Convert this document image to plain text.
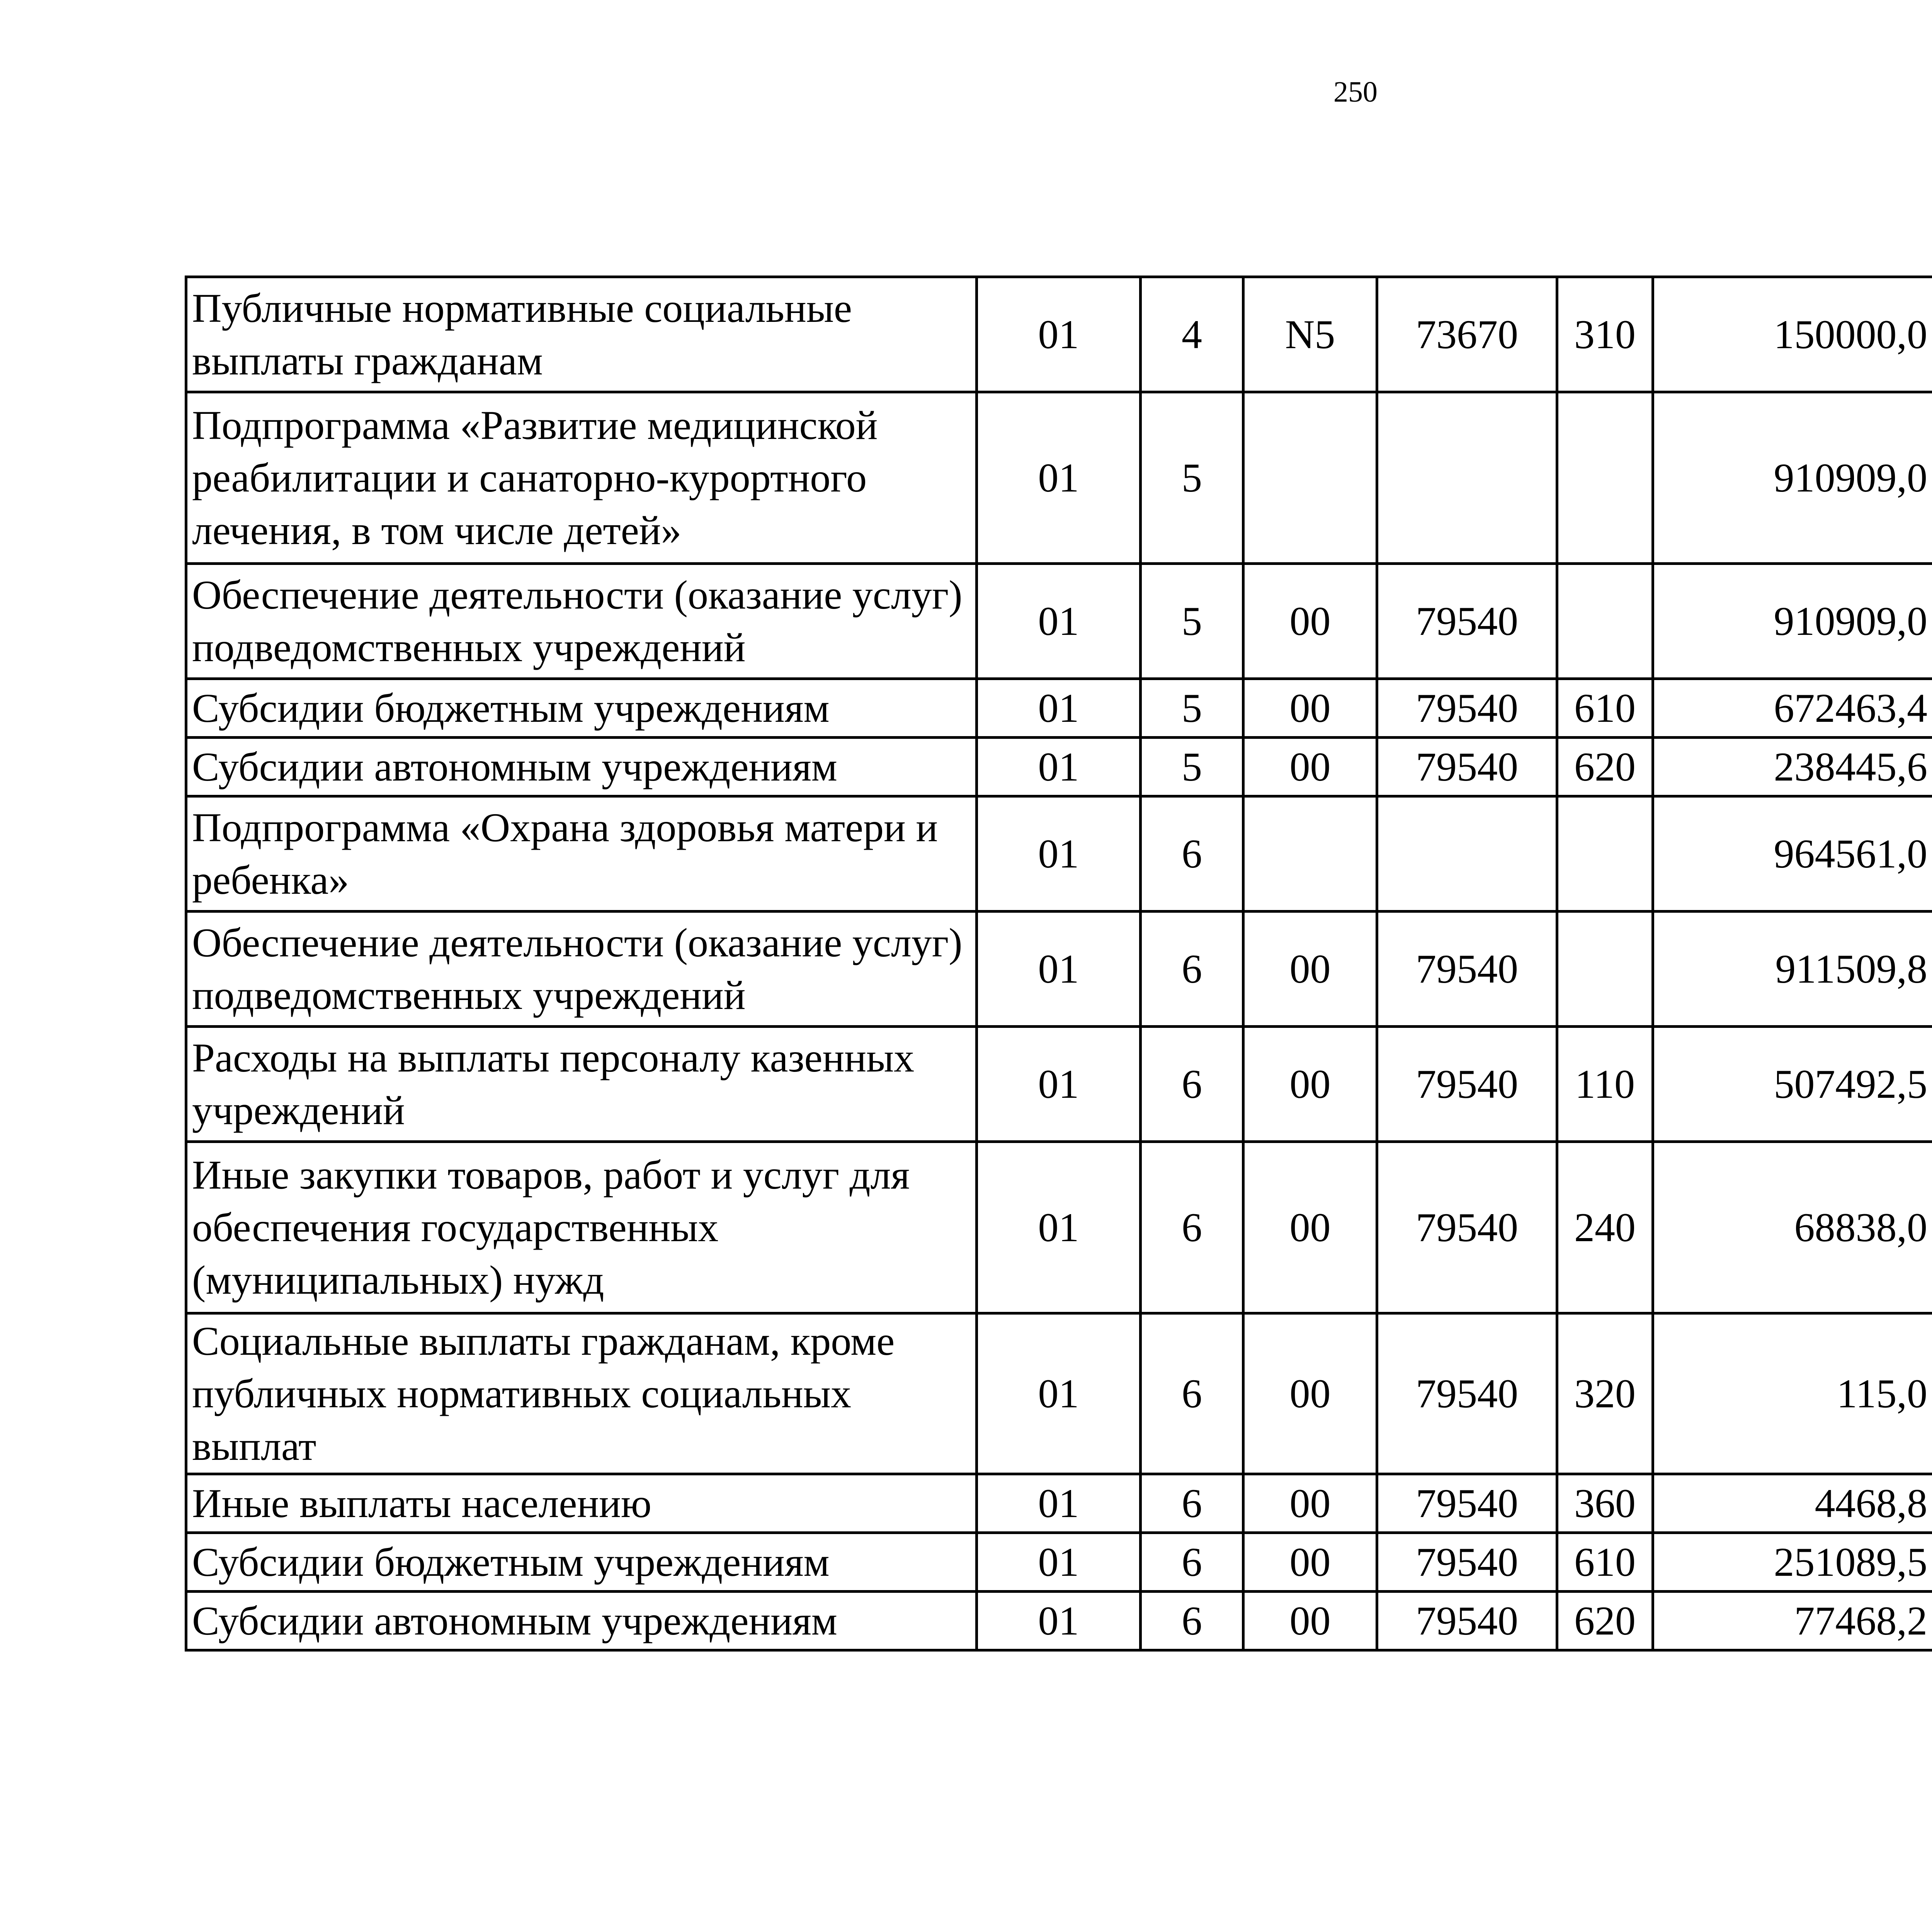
250
Публичные нормативные социальные выплаты гражданам	01	4	N5	73670	310	150000,0		
Подпрограмма «Развитие медицинской реабилитации и санаторно-курортного лечения, в том числе детей»	01	5				910909,0		
Обеспечение деятельности (оказание услуг) подведомственных учреждений	01	5	00	79540		910909,0		
Субсидии бюджетным учреждениям	01	5	00	79540	610	672463,4		
Субсидии автономным учреждениям	01	5	00	79540	620	238445,6		
Подпрограмма «Охрана здоровья матери и ребенка»	01	6				964561,0		
Обеспечение деятельности (оказание услуг) подведомственных учреждений	01	6	00	79540		911509,8		
Расходы на выплаты персоналу казенных учреждений	01	6	00	79540	110	507492,5		
Иные закупки товаров, работ и услуг для обеспечения государственных (муниципальных) нужд	01	6	00	79540	240	68838,0		
Социальные выплаты гражданам, кроме публичных нормативных социальных выплат	01	6	00	79540	320	115,0		
Иные выплаты населению	01	6	00	79540	360	4468,8		
Субсидии бюджетным учреждениям	01	6	00	79540	610	251089,5		
Субсидии автономным учреждениям	01	6	00	79540	620	77468,2		
